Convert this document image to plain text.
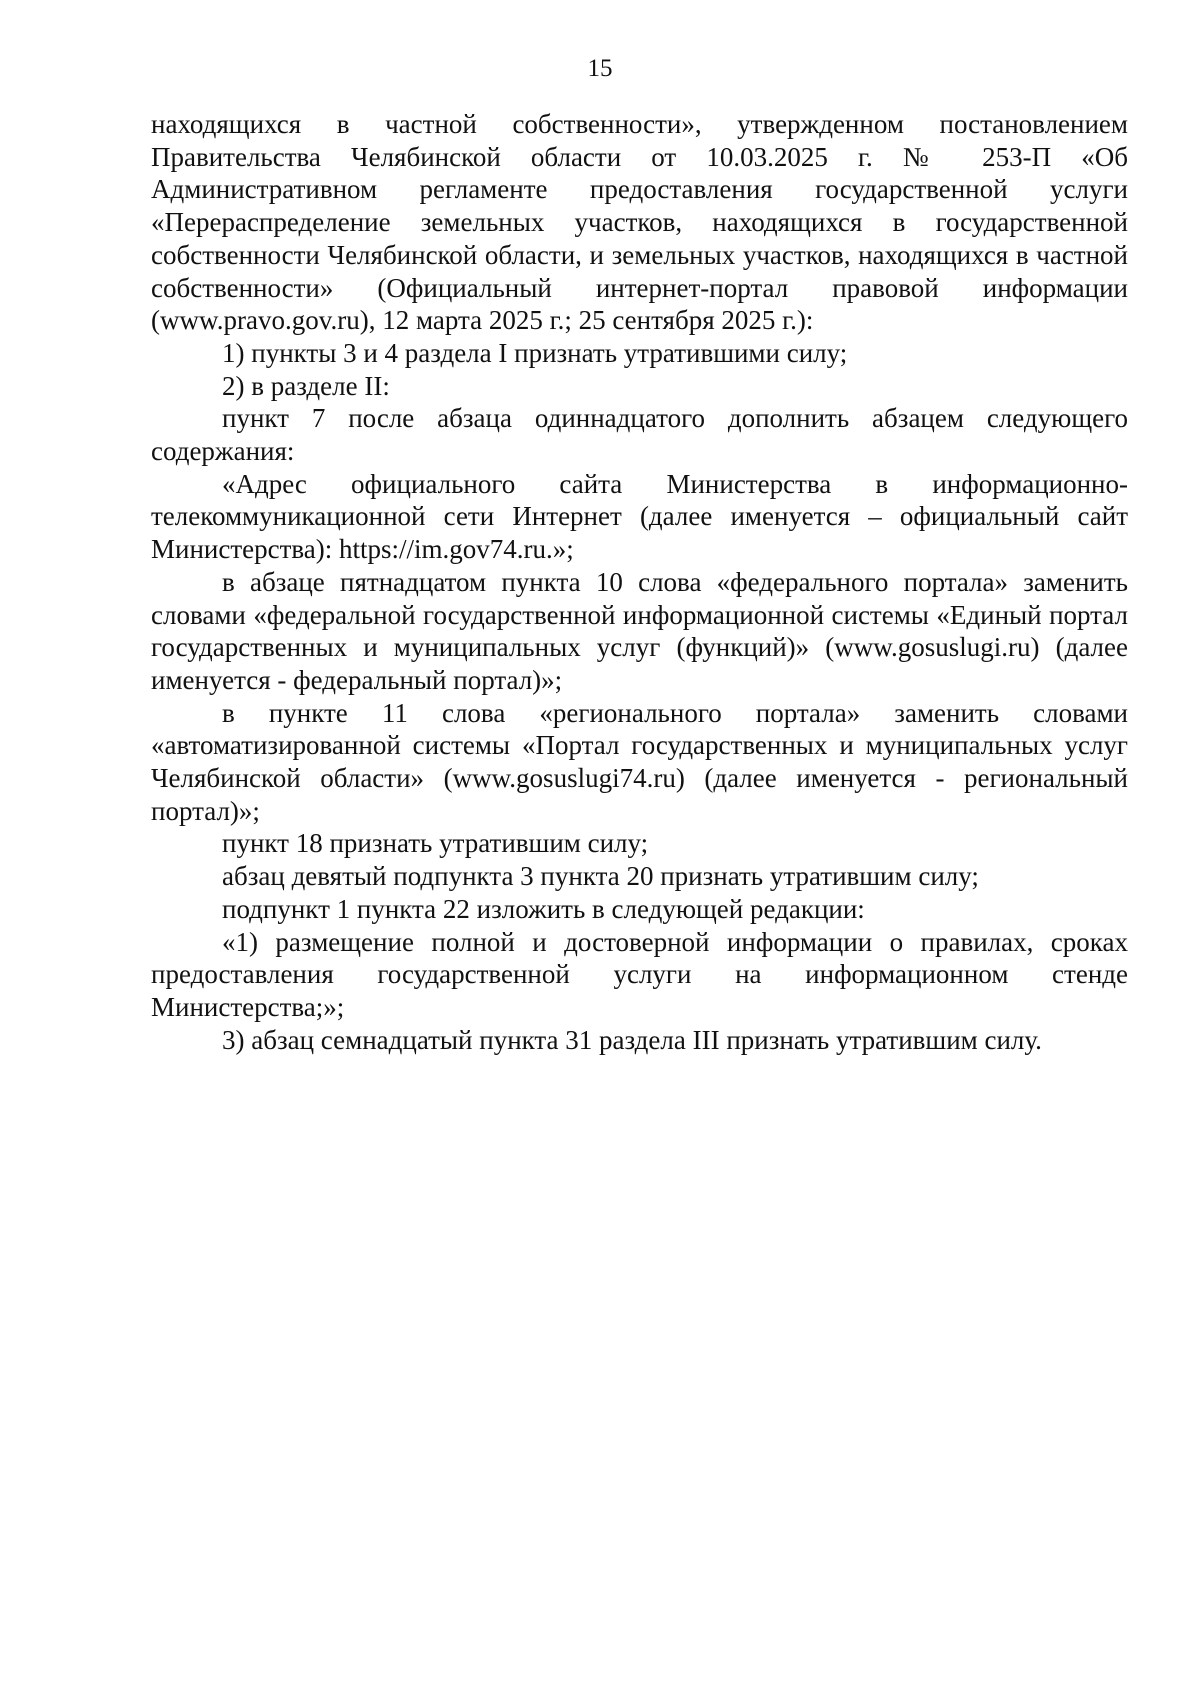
15

находящихся в частной собственности», утвержденном постановлением Правительства Челябинской области от 10.03.2025 г. № 253-П «Об Административном регламенте предоставления государственной услуги «Перераспределение земельных участков, находящихся в государственной собственности Челябинской области, и земельных участков, находящихся в частной собственности» (Официальный интернет-портал правовой информации (www.pravo.gov.ru), 12 марта 2025 г.; 25 сентября 2025 г.):

1) пункты 3 и 4 раздела I признать утратившими силу;

2) в разделе II:

пункт 7 после абзаца одиннадцатого дополнить абзацем следующего содержания:

«Адрес официального сайта Министерства в информационно-телекоммуникационной сети Интернет (далее именуется – официальный сайт Министерства): https://im.gov74.ru.»;

в абзаце пятнадцатом пункта 10 слова «федерального портала» заменить словами «федеральной государственной информационной системы «Единый портал государственных и муниципальных услуг (функций)» (www.gosuslugi.ru) (далее именуется - федеральный портал)»;

в пункте 11 слова «регионального портала» заменить словами «автоматизированной системы «Портал государственных и муниципальных услуг Челябинской области» (www.gosuslugi74.ru) (далее именуется - региональный портал)»;

пункт 18 признать утратившим силу;

абзац девятый подпункта 3 пункта 20 признать утратившим силу;

подпункт 1 пункта 22 изложить в следующей редакции:

«1) размещение полной и достоверной информации о правилах, сроках предоставления государственной услуги на информационном стенде Министерства;»;

3) абзац семнадцатый пункта 31 раздела III признать утратившим силу.
